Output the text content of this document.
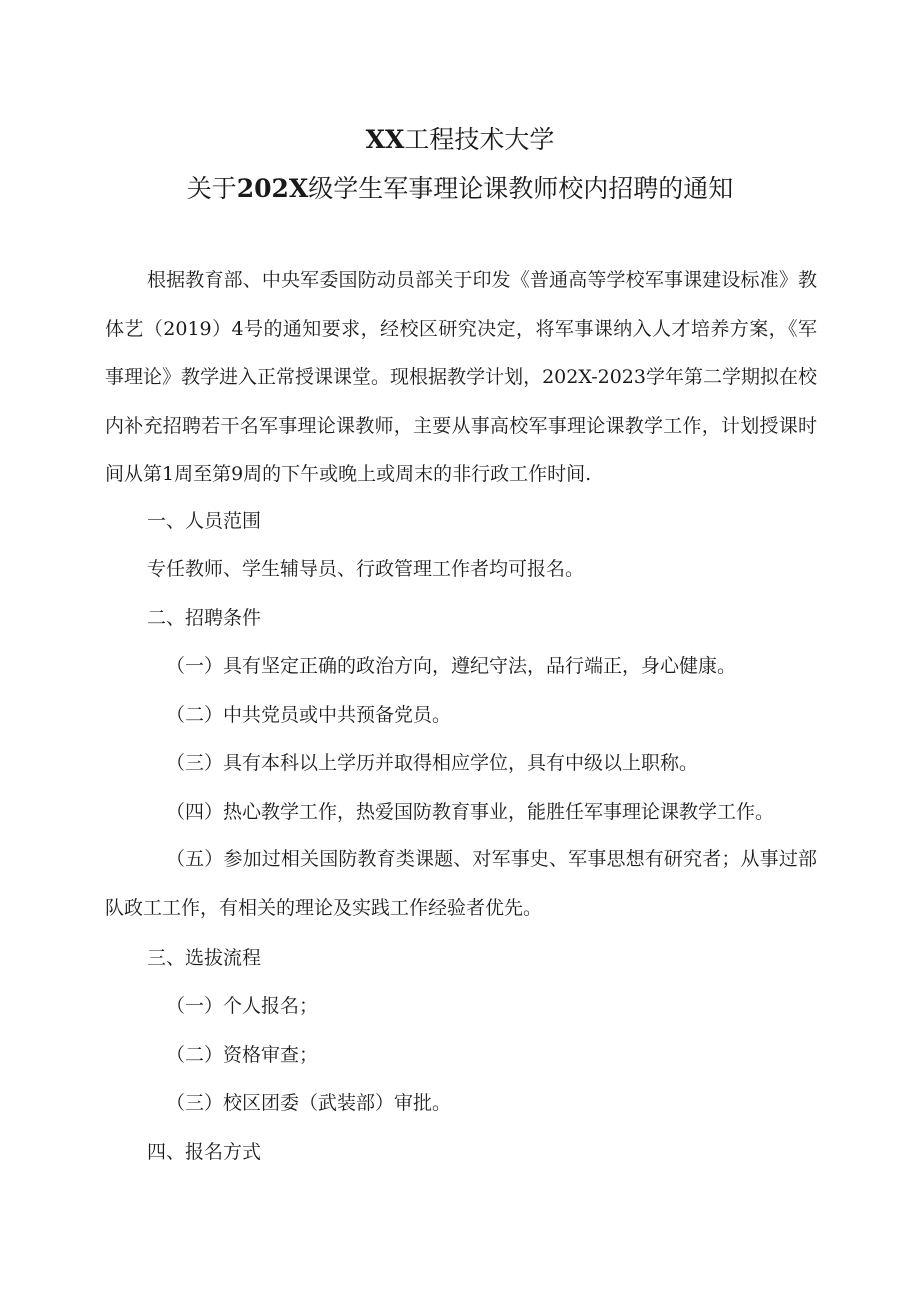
XX工程技术大学
关于202X级学生军事理论课教师校内招聘的通知
根据教育部、中央军委国防动员部关于印发《普通高等学校军事课建设标准》教体艺（2019）4号的通知要求，经校区研究决定，将军事课纳入人才培养方案，《军事理论》教学进入正常授课课堂。现根据教学计划，202X-2023学年第二学期拟在校内补充招聘若干名军事理论课教师，主要从事高校军事理论课教学工作，计划授课时间从第1周至第9周的下午或晚上或周末的非行政工作时间.
一、人员范围
专任教师、学生辅导员、行政管理工作者均可报名。
二、招聘条件
（一）具有坚定正确的政治方向，遵纪守法，品行端正，身心健康。
（二）中共党员或中共预备党员。
（三）具有本科以上学历并取得相应学位，具有中级以上职称。
（四）热心教学工作，热爱国防教育事业，能胜任军事理论课教学工作。
（五）参加过相关国防教育类课题、对军事史、军事思想有研究者；从事过部队政工工作，有相关的理论及实践工作经验者优先。
三、选拔流程
（一）个人报名；
（二）资格审查；
（三）校区团委（武装部）审批。
四、报名方式
